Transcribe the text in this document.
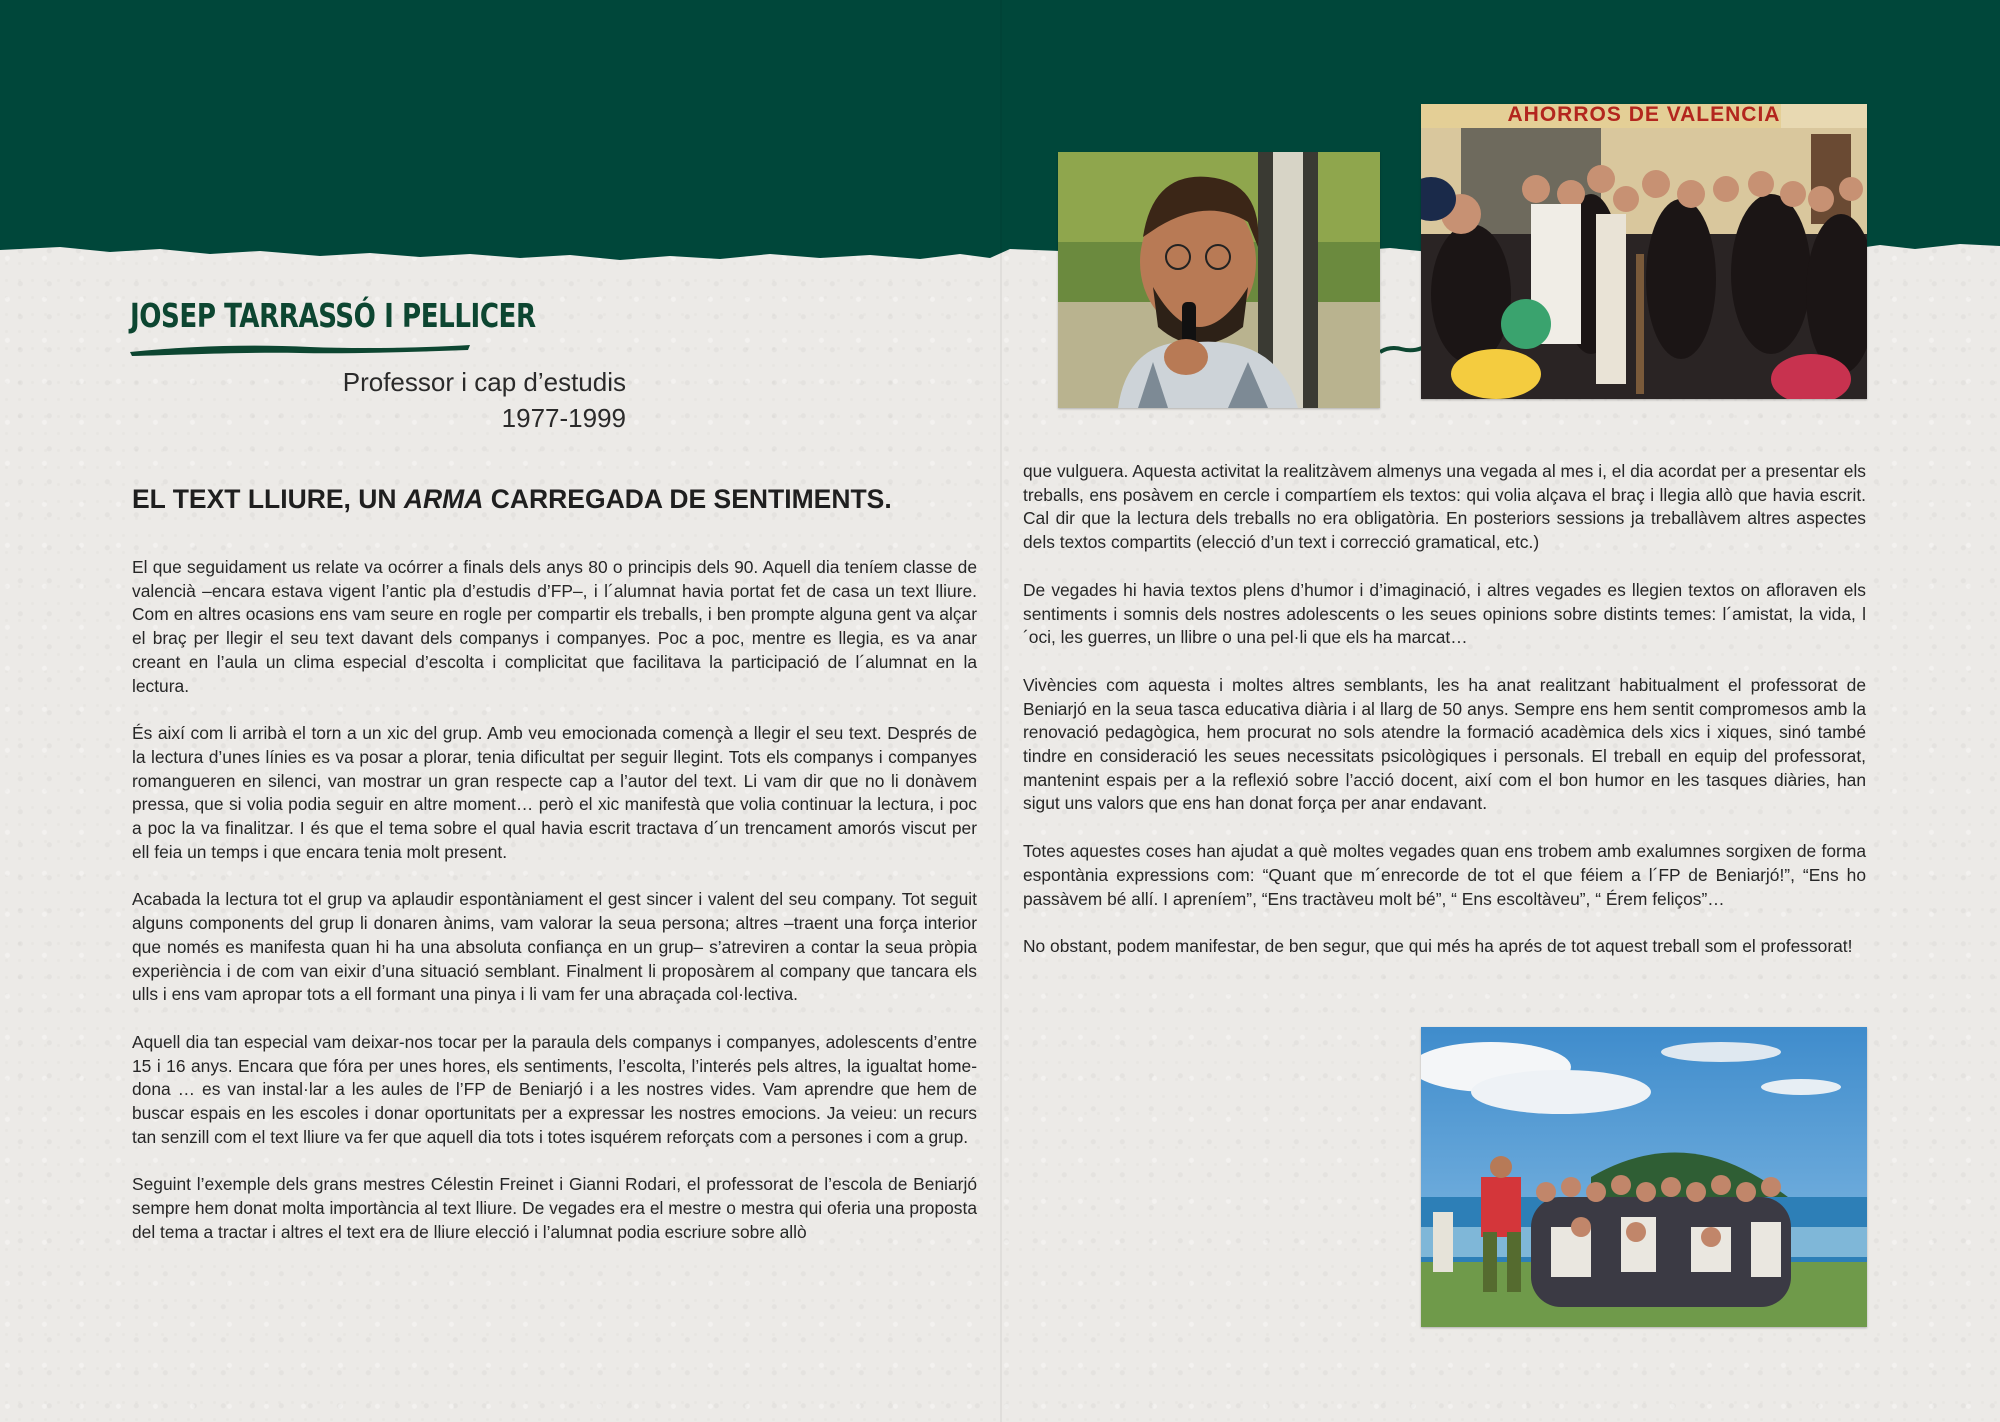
JOSEP TARRASSÓ I PELLICER
Professor i cap d’estudis
1977-1999
EL TEXT LLIURE, UN ARMA CARREGADA DE SENTIMENTS.

El que seguidament us relate va ocórrer a finals dels anys 80 o principis dels 90. Aquell dia teníem classe de valencià –encara estava vigent l’antic pla d’estudis d’FP–, i l´alumnat havia portat fet de casa un text lliure. Com en altres ocasions ens vam seure en rogle per compartir els treballs, i ben prompte alguna gent va alçar el braç per llegir el seu text davant dels companys i companyes. Poc a poc, mentre es llegia, es va anar creant en l’aula un clima especial d’escolta i complicitat que facilitava la participació de l´alumnat en la lectura.

És així com li arribà el torn a un xic del grup. Amb veu emocionada començà a llegir el seu text. Després de la lectura d’unes línies es va posar a plorar, tenia dificultat per seguir llegint. Tots els companys i companyes romangueren en silenci, van mostrar un gran respecte cap a l’autor del text. Li vam dir que no li donàvem pressa, que si volia podia seguir en altre moment… però el xic manifestà que volia continuar la lectura, i poc a poc la va finalitzar. I és que el tema sobre el qual havia escrit tractava d´un trencament amorós viscut per ell feia un temps i que encara tenia molt present.

Acabada la lectura tot el grup va aplaudir espontàniament el gest sincer i valent del seu company. Tot seguit alguns components del grup li donaren ànims, vam valorar la seua persona; altres –traent una força interior que només es manifesta quan hi ha una absoluta confiança en un grup– s’atreviren a contar la seua pròpia experiència i de com van eixir d’una situació semblant. Finalment li proposàrem al company que tancara els ulls i ens vam apropar tots a ell formant una pinya i li vam fer una abraçada col·lectiva.

Aquell dia tan especial vam deixar-nos tocar per la paraula dels companys i companyes, adolescents d’entre 15 i 16 anys. Encara que fóra per unes hores, els sentiments, l’escolta, l’interés pels altres, la igualtat home-dona … es van instal·lar a les aules de l’FP de Beniarjó i a les nostres vides. Vam aprendre que hem de buscar espais en les escoles i donar oportunitats per a expressar les nostres emocions. Ja veieu: un recurs tan senzill com el text lliure va fer que aquell dia tots i totes isquérem reforçats com a persones i com a grup.

Seguint l’exemple dels grans mestres Célestin Freinet i Gianni Rodari, el professorat de l’escola de Beniarjó sempre hem donat molta importància al text lliure. De vegades era el mestre o mestra qui oferia una proposta del tema a tractar i altres el text era de lliure elecció i l’alumnat podia escriure sobre allò

que vulguera. Aquesta activitat la realitzàvem almenys una vegada al mes i, el dia acordat per a presentar els treballs, ens posàvem en cercle i compartíem els textos: qui volia alçava el braç i llegia allò que havia escrit. Cal dir que la lectura dels treballs no era obligatòria. En posteriors sessions ja treballàvem altres aspectes dels textos compartits (elecció d’un text i correcció gramatical, etc.)

De vegades hi havia textos plens d’humor i d’imaginació, i altres vegades es llegien textos on afloraven els sentiments i somnis dels nostres adolescents o les seues opinions sobre distints temes: l´amistat, la vida, l´oci, les guerres, un llibre o una pel·li que els ha marcat…

Vivències com aquesta i moltes altres semblants, les ha anat realitzant habitualment el professorat de Beniarjó en la seua tasca educativa diària i al llarg de 50 anys. Sempre ens hem sentit compromesos amb la renovació pedagògica, hem procurat no sols atendre la formació acadèmica dels xics i xiques, sinó també tindre en consideració les seues necessitats psicològiques i personals. El treball en equip del professorat, mantenint espais per a la reflexió sobre l’acció docent, així com el bon humor en les tasques diàries, han sigut uns valors que ens han donat força per anar endavant.

Totes aquestes coses han ajudat a què moltes vegades quan ens trobem amb exalumnes sorgixen de forma espontània expressions com: “Quant que m´enrecorde de tot el que féiem a l´FP de Beniarjó!”, “Ens ho passàvem bé allí. I apreníem”, “Ens tractàveu molt bé”, “ Ens escoltàveu”, “ Érem feliços”…

No obstant, podem manifestar, de ben segur, que qui més ha aprés de tot aquest treball som el professorat!

AHORROS DE VALENCIA
